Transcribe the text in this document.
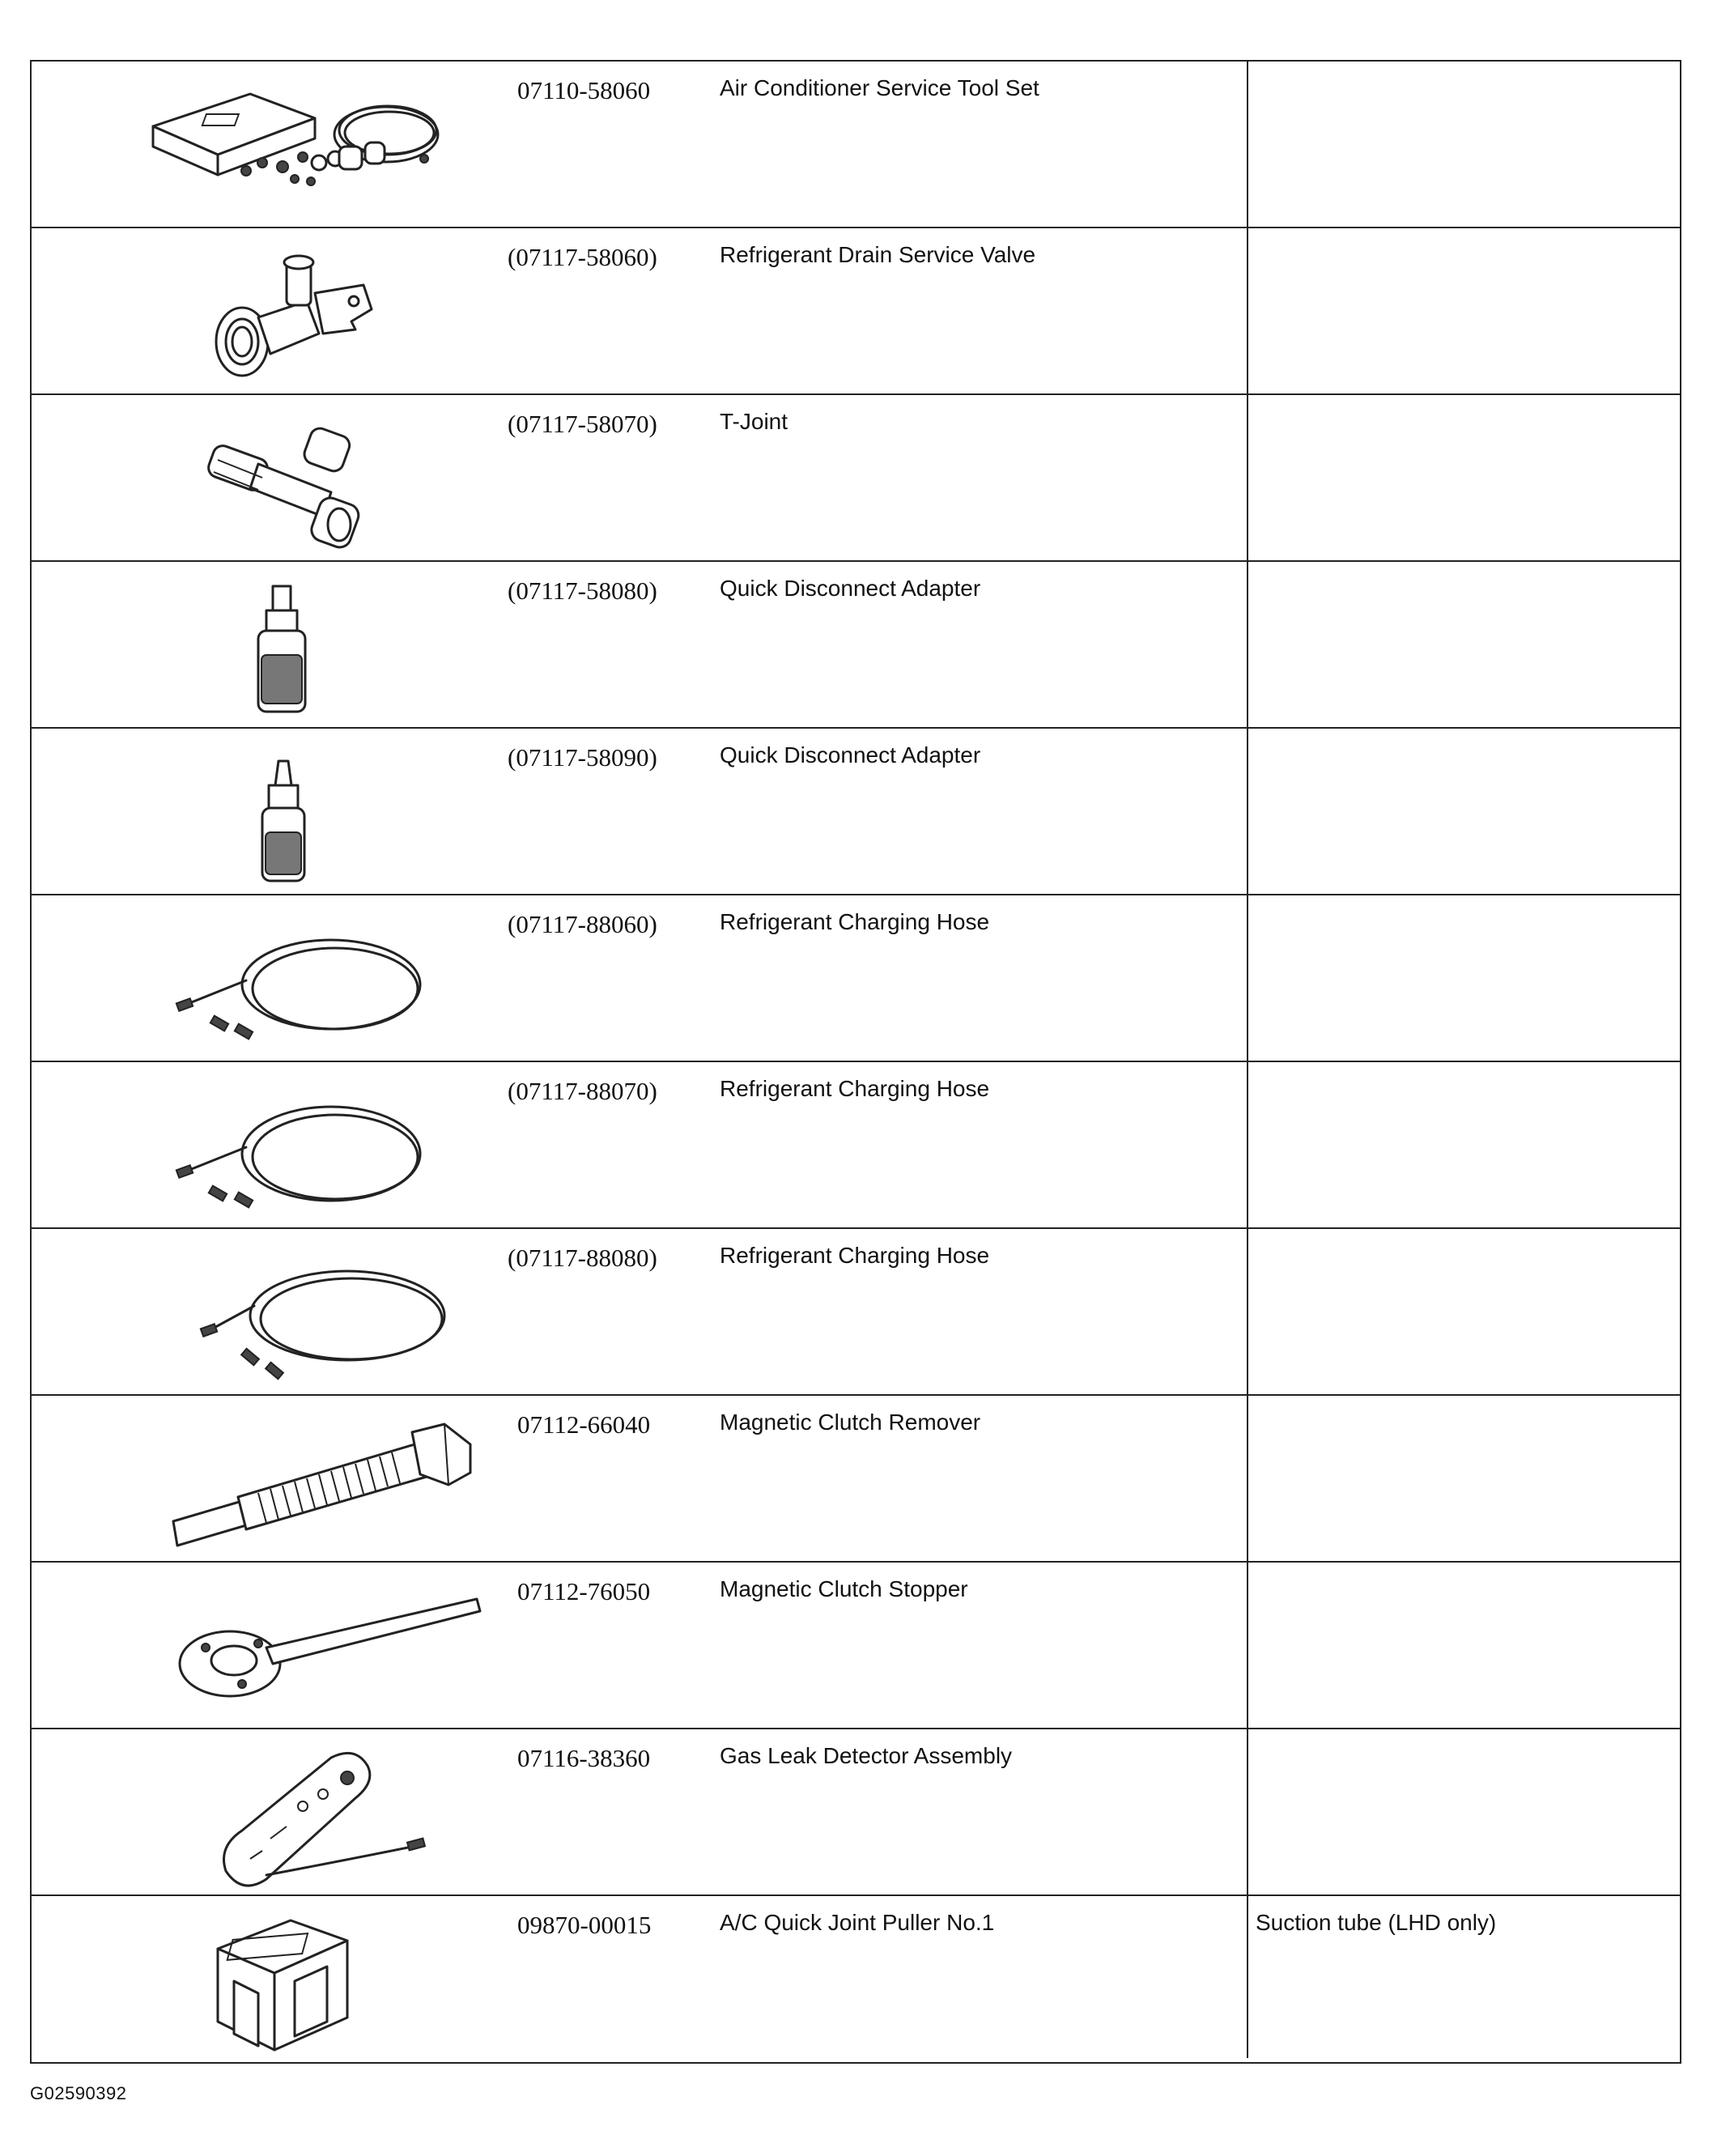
07110-58060	Air Conditioner Service Tool Set
(07117-58060)	Refrigerant Drain Service Valve
(07117-58070)	T-Joint
(07117-58080)	Quick Disconnect Adapter
(07117-58090)	Quick Disconnect Adapter
(07117-88060)	Refrigerant Charging Hose
(07117-88070)	Refrigerant Charging Hose
(07117-88080)	Refrigerant Charging Hose
07112-66040	Magnetic Clutch Remover
07112-76050	Magnetic Clutch Stopper
07116-38360	Gas Leak Detector Assembly
09870-00015	A/C Quick Joint Puller No.1	Suction tube (LHD only)
G02590392
